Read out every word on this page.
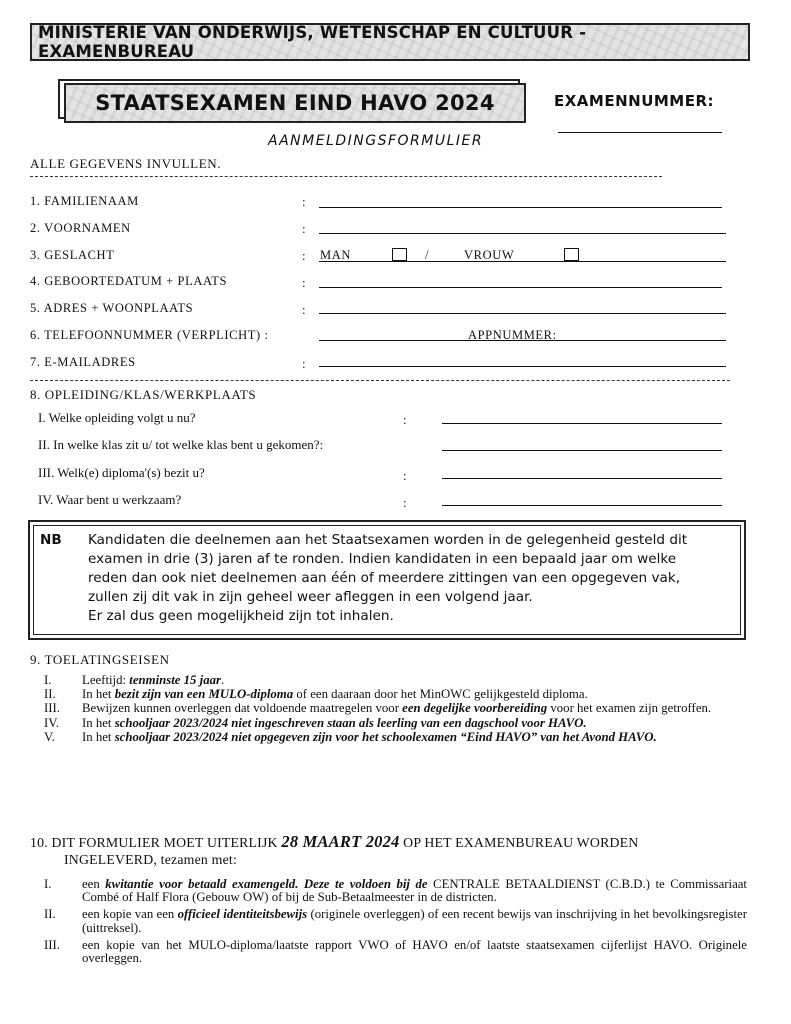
MINISTERIE VAN ONDERWIJS, WETENSCHAP EN CULTUUR - EXAMENBUREAU
STAATSEXAMEN EIND HAVO 2024	EXAMENNUMMER:
AANMELDINGSFORMULIER
ALLE GEGEVENS INVULLEN.
1. FAMILIENAAM	:
2. VOORNAMEN	:
3. GESLACHT	: MAN	/	VROUW
4. GEBOORTEDATUM + PLAATS	:
5. ADRES + WOONPLAATS	:
6. TELEFOONNUMMER (VERPLICHT) :	APPNUMMER:
7. E-MAILADRES	:
8. OPLEIDING/KLAS/WERKPLAATS
I. Welke opleiding volgt u nu?	:
II. In welke klas zit u/ tot welke klas bent u gekomen?:
III. Welk(e) diploma'(s) bezit u?	:
IV. Waar bent u werkzaam?	:
NB Kandidaten die deelnemen aan het Staatsexamen worden in de gelegenheid gesteld dit
examen in drie (3) jaren af te ronden. Indien kandidaten in een bepaald jaar om welke
reden dan ook niet deelnemen aan één of meerdere zittingen van een opgegeven vak,
zullen zij dit vak in zijn geheel weer afleggen in een volgend jaar.
Er zal dus geen mogelijkheid zijn tot inhalen.
9. TOELATINGSEISEN
I.	Leeftijd: tenminste 15 jaar.
II.	In het bezit zijn van een MULO-diploma of een daaraan door het MinOWC gelijkgesteld diploma.
III.	Bewijzen kunnen overleggen dat voldoende maatregelen voor een degelijke voorbereiding voor het examen zijn getroffen.
IV.	In het schooljaar 2023/2024 niet ingeschreven staan als leerling van een dagschool voor HAVO.
V.	In het schooljaar 2023/2024 niet opgegeven zijn voor het schoolexamen “Eind HAVO” van het Avond HAVO.
10. DIT FORMULIER MOET UITERLIJK 28 MAART 2024 OP HET EXAMENBUREAU WORDEN
INGELEVERD, tezamen met:
I.	een kwitantie voor betaald examengeld. Deze te voldoen bij de CENTRALE BETAALDIENST (C.B.D.) te Commissariaat Combé of Half Flora (Gebouw OW) of bij de Sub-Betaalmeester in de districten.
II.	een kopie van een officieel identiteitsbewijs (originele overleggen) of een recent bewijs van inschrijving in het bevolkingsregister (uittreksel).
III.	een kopie van het MULO-diploma/laatste rapport VWO of HAVO en/of laatste staatsexamen cijferlijst HAVO. Originele overleggen.
